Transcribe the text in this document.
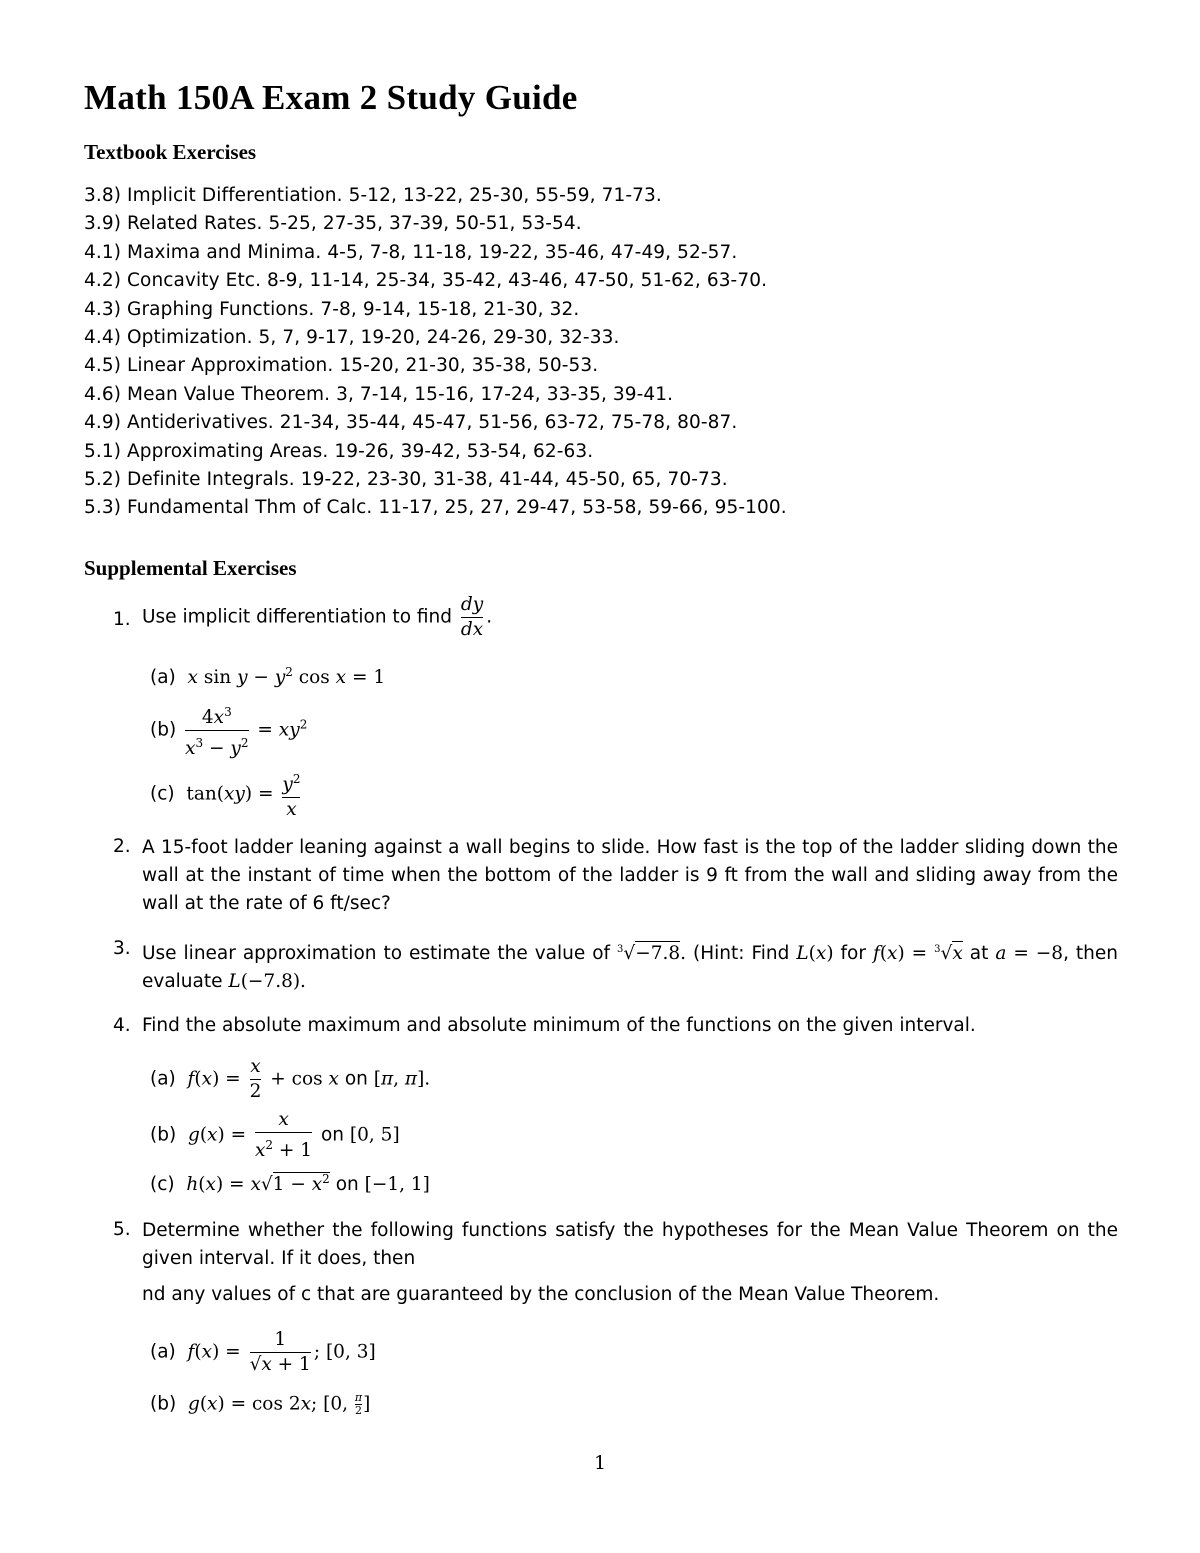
Math 150A Exam 2 Study Guide
Textbook Exercises
3.8) Implicit Differentiation. 5-12, 13-22, 25-30, 55-59, 71-73.
3.9) Related Rates. 5-25, 27-35, 37-39, 50-51, 53-54.
4.1) Maxima and Minima. 4-5, 7-8, 11-18, 19-22, 35-46, 47-49, 52-57.
4.2) Concavity Etc. 8-9, 11-14, 25-34, 35-42, 43-46, 47-50, 51-62, 63-70.
4.3) Graphing Functions. 7-8, 9-14, 15-18, 21-30, 32.
4.4) Optimization. 5, 7, 9-17, 19-20, 24-26, 29-30, 32-33.
4.5) Linear Approximation. 15-20, 21-30, 35-38, 50-53.
4.6) Mean Value Theorem. 3, 7-14, 15-16, 17-24, 33-35, 39-41.
4.9) Antiderivatives. 21-34, 35-44, 45-47, 51-56, 63-72, 75-78, 80-87.
5.1) Approximating Areas. 19-26, 39-42, 53-54, 62-63.
5.2) Definite Integrals. 19-22, 23-30, 31-38, 41-44, 45-50, 65, 70-73.
5.3) Fundamental Thm of Calc. 11-17, 25, 27, 29-47, 53-58, 59-66, 95-100.
Supplemental Exercises
1. Use implicit differentiation to find $\frac{dy}{dx}$ .
(a)  x $\sin y - y^2$ cos x = 1
$(b) \frac{4x^3}{x^3 - y^2} = xy^2$
(c)  $\tan(xy) = \frac{y^2}{x}$
2. A 15-foot ladder leaning against a wall begins to slide. How fast is the top of the ladder sliding down the wall at the instant of time when the bottom of the ladder is 9 ft from the wall and sliding away from the wall at the rate of 6 ft/sec?
3. Use linear approximation to estimate the value of $^3$√−7.8. (Hint: Find L(x) for f(x) = $^3$√x at a = −8, then evaluate L(−7.8).
4. Find the absolute maximum and absolute minimum of the functions on the given interval.
(a)  $f(x) = \frac{x}{2} + \cos x$ on [π, π].
(b)  $g(x) = \frac{x}{x^2 + 1}$ on [0, 5]
(c)  $h(x) = x√1 - x^2$ on [−1, 1]
5. Determine whether the following functions satisfy the hypotheses for the Mean Value Theorem on the given interval. If it does, then
nd any values of c that are guaranteed by the conclusion of the Mean Value Theorem.
(a)  $f(x) = \frac{1}{√x + 1}$ ; [0, 3]
(b)  g(x) = cos 2x; [0, $\frac{\pi}{2}$ ]
1
